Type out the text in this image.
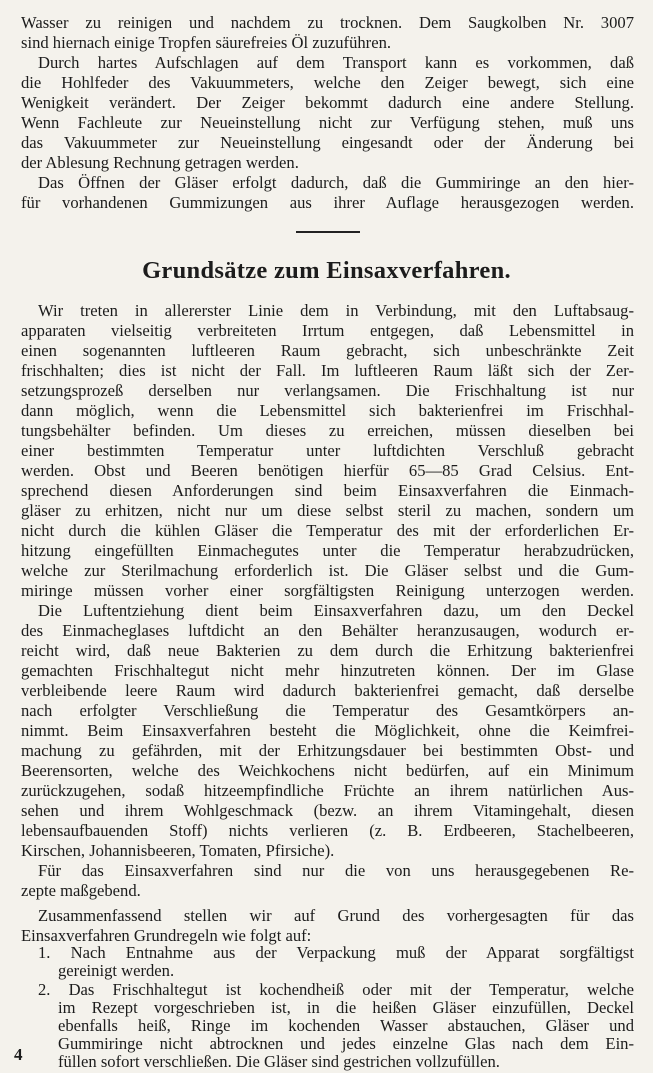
Wasser zu reinigen und nachdem zu trocknen. Dem Saugkolben Nr. 3007
sind hiernach einige Tropfen säurefreies Öl zuzuführen.
Durch hartes Aufschlagen auf dem Transport kann es vorkommen, daß
die Hohlfeder des Vakuummeters, welche den Zeiger bewegt, sich eine
Wenigkeit verändert. Der Zeiger bekommt dadurch eine andere Stellung.
Wenn Fachleute zur Neueinstellung nicht zur Verfügung stehen, muß uns
das Vakuummeter zur Neueinstellung eingesandt oder der Änderung bei
der Ablesung Rechnung getragen werden.
Das Öffnen der Gläser erfolgt dadurch, daß die Gummiringe an den hier-
für vorhandenen Gummizungen aus ihrer Auflage herausgezogen werden.
Grundsätze zum Einsaxverfahren.
Wir treten in allererster Linie dem in Verbindung, mit den Luftabsaug-
apparaten vielseitig verbreiteten Irrtum entgegen, daß Lebensmittel in
einen sogenannten luftleeren Raum gebracht, sich unbeschränkte Zeit
frischhalten; dies ist nicht der Fall. Im luftleeren Raum läßt sich der Zer-
setzungsprozeß derselben nur verlangsamen. Die Frischhaltung ist nur
dann möglich, wenn die Lebensmittel sich bakterienfrei im Frischhal-
tungsbehälter befinden. Um dieses zu erreichen, müssen dieselben bei
einer bestimmten Temperatur unter luftdichten Verschluß gebracht
werden. Obst und Beeren benötigen hierfür 65—85 Grad Celsius. Ent-
sprechend diesen Anforderungen sind beim Einsaxverfahren die Einmach-
gläser zu erhitzen, nicht nur um diese selbst steril zu machen, sondern um
nicht durch die kühlen Gläser die Temperatur des mit der erforderlichen Er-
hitzung eingefüllten Einmachegutes unter die Temperatur herabzudrücken,
welche zur Sterilmachung erforderlich ist. Die Gläser selbst und die Gum-
miringe müssen vorher einer sorgfältigsten Reinigung unterzogen werden.
Die Luftentziehung dient beim Einsaxverfahren dazu, um den Deckel
des Einmacheglases luftdicht an den Behälter heranzusaugen, wodurch er-
reicht wird, daß neue Bakterien zu dem durch die Erhitzung bakterienfrei
gemachten Frischhaltegut nicht mehr hinzutreten können. Der im Glase
verbleibende leere Raum wird dadurch bakterienfrei gemacht, daß derselbe
nach erfolgter Verschließung die Temperatur des Gesamtkörpers an-
nimmt. Beim Einsaxverfahren besteht die Möglichkeit, ohne die Keimfrei-
machung zu gefährden, mit der Erhitzungsdauer bei bestimmten Obst- und
Beerensorten, welche des Weichkochens nicht bedürfen, auf ein Minimum
zurückzugehen, sodaß hitzeempfindliche Früchte an ihrem natürlichen Aus-
sehen und ihrem Wohlgeschmack (bezw. an ihrem Vitamingehalt, diesen
lebensaufbauenden Stoff) nichts verlieren (z. B. Erdbeeren, Stachelbeeren,
Kirschen, Johannisbeeren, Tomaten, Pfirsiche).
Für das Einsaxverfahren sind nur die von uns herausgegebenen Re-
zepte maßgebend.
Zusammenfassend stellen wir auf Grund des vorhergesagten für das
Einsaxverfahren Grundregeln wie folgt auf:
1. Nach Entnahme aus der Verpackung muß der Apparat sorgfältigst
gereinigt werden.
2. Das Frischhaltegut ist kochendheiß oder mit der Temperatur, welche
im Rezept vorgeschrieben ist, in die heißen Gläser einzufüllen, Deckel
ebenfalls heiß, Ringe im kochenden Wasser abstauchen, Gläser und
Gummiringe nicht abtrocknen und jedes einzelne Glas nach dem Ein-
4 füllen sofort verschließen. Die Gläser sind gestrichen vollzufüllen.
